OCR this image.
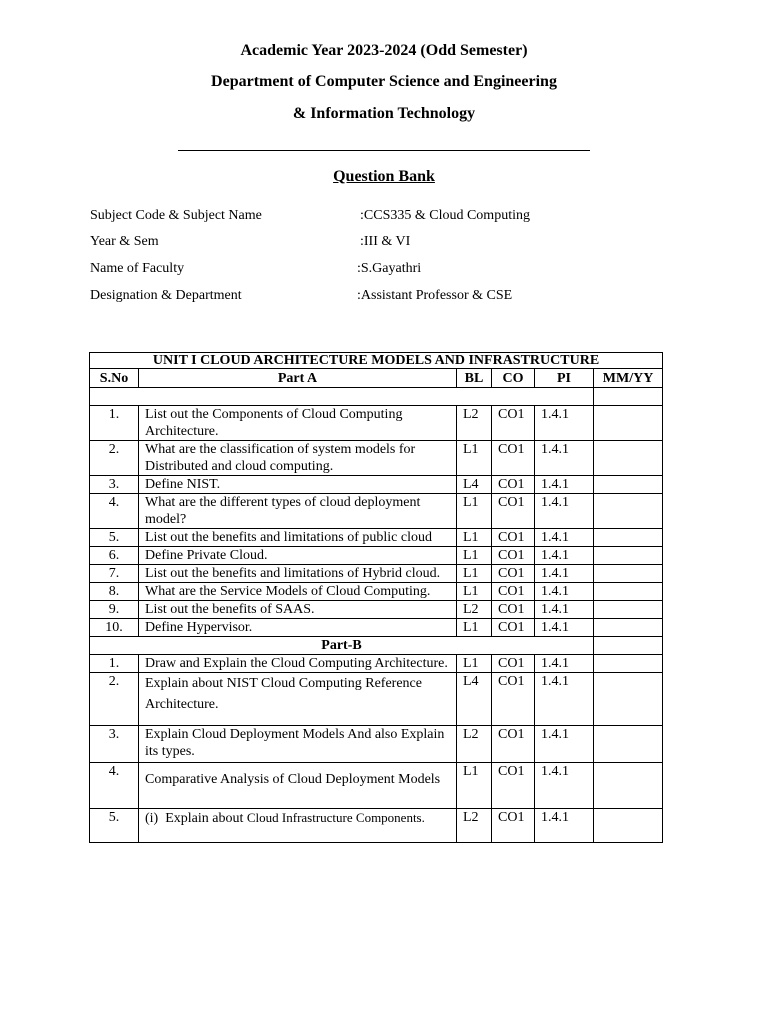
Academic Year 2023-2024 (Odd Semester)
Department of Computer Science and Engineering
& Information Technology
Question Bank
Subject Code & Subject Name	:CCS335 & Cloud Computing
Year & Sem	:III & VI
Name of Faculty	:S.Gayathri
Designation & Department	:Assistant Professor & CSE
UNIT I CLOUD ARCHITECTURE MODELS AND INFRASTRUCTURE					
S.No	Part A	BL	CO	PI	MM/YY

1.	List out the Components of Cloud Computing Architecture.	L2	CO1	1.4.1	
2.	What are the classification of system models for Distributed and cloud computing.	L1	CO1	1.4.1	
3.	Define NIST.	L4	CO1	1.4.1	
4.	What are the different types of cloud deployment model?	L1	CO1	1.4.1	
5.	List out the benefits and limitations of public cloud	L1	CO1	1.4.1	
6.	Define Private Cloud.	L1	CO1	1.4.1	
7.	List out the benefits and limitations of Hybrid cloud.	L1	CO1	1.4.1	
8.	What are the Service Models of Cloud Computing.	L1	CO1	1.4.1	
9.	List out the benefits of SAAS.	L2	CO1	1.4.1	
10.	Define Hypervisor.	L1	CO1	1.4.1	
Part-B					
1.	Draw and Explain the Cloud Computing Architecture.	L1	CO1	1.4.1	
2.	Explain about NIST Cloud Computing Reference Architecture.	L4	CO1	1.4.1	
3.	Explain Cloud Deployment Models And also Explain  its types.	L2	CO1	1.4.1	
4.	Comparative Analysis of Cloud Deployment Models	L1	CO1	1.4.1	
5.	(i)  Explain about Cloud Infrastructure Components.	L2	CO1	1.4.1	
